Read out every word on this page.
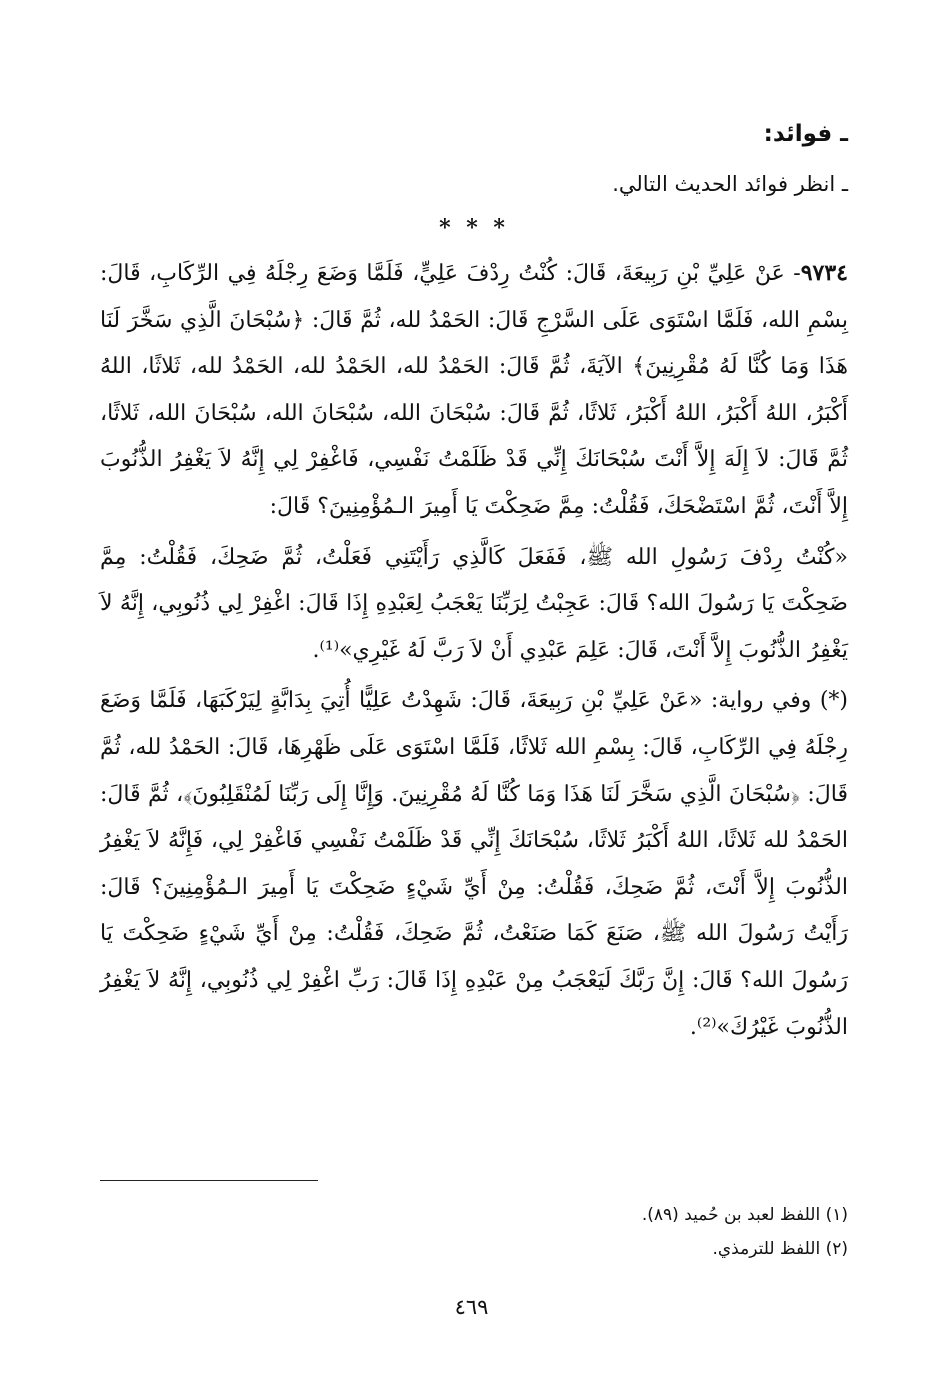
ـ فوائد:
ـ انظر فوائد الحديث التالي.
* * *

٩٧٣٤- عَنْ عَلِيِّ بْنِ رَبِيعَةَ، قَالَ: كُنْتُ رِدْفَ عَلِيٍّ، فَلَمَّا وَضَعَ رِجْلَهُ فِي الرِّكَابِ، قَالَ: بِسْمِ الله، فَلَمَّا اسْتَوَى عَلَى السَّرْجِ قَالَ: الحَمْدُ لله، ثُمَّ قَالَ: ﴿سُبْحَانَ الَّذِي سَخَّرَ لَنَا هَذَا وَمَا كُنَّا لَهُ مُقْرِنِينَ﴾ الآيَةَ، ثُمَّ قَالَ: الحَمْدُ لله، الحَمْدُ لله، الحَمْدُ لله، ثَلاثًا، اللهُ أَكْبَرُ، اللهُ أَكْبَرُ، اللهُ أَكْبَرُ، ثَلاثًا، ثُمَّ قَالَ: سُبْحَانَ الله، سُبْحَانَ الله، سُبْحَانَ الله، ثَلاثًا، ثُمَّ قَالَ: لاَ إِلَهَ إِلاَّ أَنْتَ سُبْحَانَكَ إِنِّي قَدْ ظَلَمْتُ نَفْسِي، فَاغْفِرْ لِي إِنَّهُ لاَ يَغْفِرُ الذُّنُوبَ إِلاَّ أَنْتَ، ثُمَّ اسْتَضْحَكَ، فَقُلْتُ: مِمَّ ضَحِكْتَ يَا أَمِيرَ الـمُؤْمِنِينَ؟ قَالَ:

«كُنْتُ رِدْفَ رَسُولِ الله ﷺ، فَفَعَلَ كَالَّذِي رَأَيْتَنِي فَعَلْتُ، ثُمَّ ضَحِكَ، فَقُلْتُ: مِمَّ ضَحِكْتَ يَا رَسُولَ الله؟ قَالَ: عَجِبْتُ لِرَبِّنَا يَعْجَبُ لِعَبْدِهِ إِذَا قَالَ: اغْفِرْ لِي ذُنُوبِي، إِنَّهُ لاَ يَغْفِرُ الذُّنُوبَ إِلاَّ أَنْتَ، قَالَ: عَلِمَ عَبْدِي أَنْ لاَ رَبَّ لَهُ غَيْرِي»⁽¹⁾.

(*) وفي رواية: «عَنْ عَلِيِّ بْنِ رَبِيعَةَ، قَالَ: شَهِدْتُ عَلِيًّا أُتِيَ بِدَابَّةٍ لِيَرْكَبَهَا، فَلَمَّا وَضَعَ رِجْلَهُ فِي الرِّكَابِ، قَالَ: بِسْمِ الله ثَلاثًا، فَلَمَّا اسْتَوَى عَلَى ظَهْرِهَا، قَالَ: الحَمْدُ لله، ثُمَّ قَالَ: ﴿سُبْحَانَ الَّذِي سَخَّرَ لَنَا هَذَا وَمَا كُنَّا لَهُ مُقْرِنِينَ. وَإِنَّا إِلَى رَبِّنَا لَمُنْقَلِبُونَ﴾، ثُمَّ قَالَ: الحَمْدُ لله ثَلاثًا، اللهُ أَكْبَرُ ثَلاثًا، سُبْحَانَكَ إِنِّي قَدْ ظَلَمْتُ نَفْسِي فَاغْفِرْ لِي، فَإِنَّهُ لاَ يَغْفِرُ الذُّنُوبَ إِلاَّ أَنْتَ، ثُمَّ ضَحِكَ، فَقُلْتُ: مِنْ أَيِّ شَيْءٍ ضَحِكْتَ يَا أَمِيرَ الـمُؤْمِنِينَ؟ قَالَ: رَأَيْتُ رَسُولَ الله ﷺ، صَنَعَ كَمَا صَنَعْتُ، ثُمَّ ضَحِكَ، فَقُلْتُ: مِنْ أَيِّ شَيْءٍ ضَحِكْتَ يَا رَسُولَ الله؟ قَالَ: إِنَّ رَبَّكَ لَيَعْجَبُ مِنْ عَبْدِهِ إِذَا قَالَ: رَبِّ اغْفِرْ لِي ذُنُوبِي، إِنَّهُ لاَ يَغْفِرُ الذُّنُوبَ غَيْرُكَ»⁽²⁾.

(١) اللفظ لعبد بن حُميد (٨٩).
(٢) اللفظ للترمذي.
٤٦٩
